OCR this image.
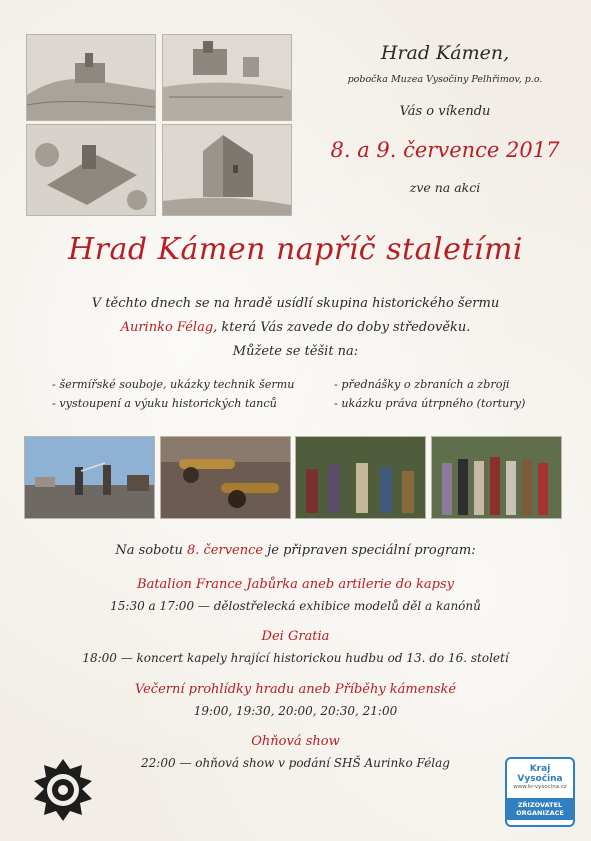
Hrad Kámen,
pobočka Muzea Vysočiny Pelhřimov, p.o.
Vás o víkendu
8. a 9. července 2017
zve na akci
Hrad Kámen napříč staletími
V těchto dnech se na hradě usídlí skupina historického šermu
Aurinko Félag, která Vás zavede do doby středověku.
Můžete se těšit na:
- šermířské souboje, ukázky technik šermu
- vystoupení a výuku historických tanců
- přednášky o zbraních a zbroji
- ukázku práva útrpného (tortury)
Na sobotu 8. července je připraven speciální program:
Batalion France Jabůrka aneb artilerie do kapsy
15:30 a 17:00 — dělostřelecká exhibice modelů děl a kanónů
Dei Gratia
18:00 — koncert kapely hrající historickou hudbu od 13. do 16. století
Večerní prohlídky hradu aneb Příběhy kámenské
19:00, 19:30, 20:00, 20:30, 21:00
Ohňová show
22:00 — ohňová show v podání SHŠ Aurinko Félag	Kraj Vysočina
www.kr-vysocina.cz
ZŘIZOVATEL ORGANIZACE
